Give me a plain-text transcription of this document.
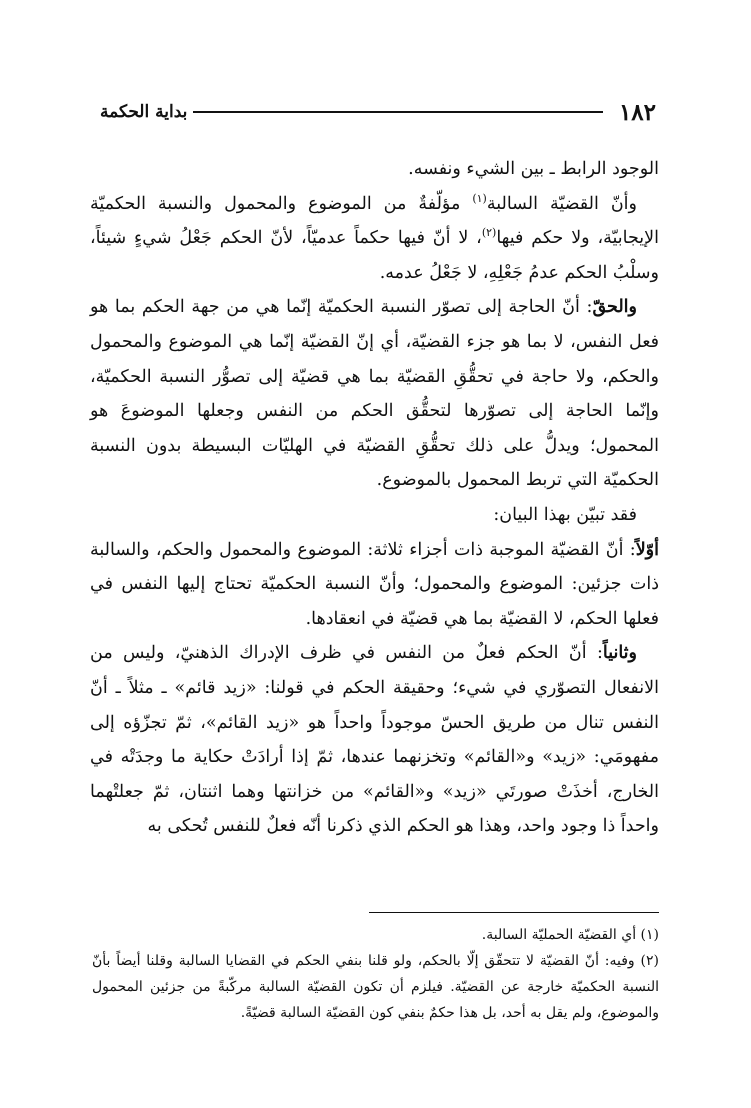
١٨٢
بداية الحكمة

الوجود الرابط ـ بين الشيء ونفسه.

وأنّ القضيّة السالبة$^{(١)}$ مؤلّفةٌ من الموضوع والمحمول والنسبة الحكميّة الإيجابيّة، ولا حكم فيها$^{(٢)}$، لا أنّ فيها حكماً عدميّاً، لأنّ الحكم جَعْلُ شيءٍ شيئاً، وسلْبُ الحكم عدمُ جَعْلِهِ، لا جَعْلُ عدمه.

والحقّ: أنّ الحاجة إلى تصوّر النسبة الحكميّة إنّما هي من جهة الحكم بما هو فعل النفس، لا بما هو جزء القضيّة، أي إنّ القضيّة إنّما هي الموضوع والمحمول والحكم، ولا حاجة في تحقُّقِ القضيّة بما هي قضيّة إلى تصوُّر النسبة الحكميّة، وإنّما الحاجة إلى تصوّرها لتحقُّق الحكم من النفس وجعلها الموضوعَ هو المحمول؛ ويدلُّ على ذلك تحقُّقِ القضيّة في الهليّات البسيطة بدون النسبة الحكميّة التي تربط المحمول بالموضوع.

فقد تبيّن بهذا البيان:

أوّلاً: أنّ القضيّة الموجبة ذات أجزاء ثلاثة: الموضوع والمحمول والحكم، والسالبة ذات جزئين: الموضوع والمحمول؛ وأنّ النسبة الحكميّة تحتاج إليها النفس في فعلها الحكم، لا القضيّة بما هي قضيّة في انعقادها.

وثانياً: أنّ الحكم فعلٌ من النفس في ظرف الإدراك الذهنيّ، وليس من الانفعال التصوّري في شيء؛ وحقيقة الحكم في قولنا: «زيد قائم» ـ مثلاً ـ أنّ النفس تنال من طريق الحسّ موجوداً واحداً هو «زيد القائم»، ثمّ تجزّؤه إلى مفهومَي: «زيد» و«القائم» وتخزنهما عندها، ثمّ إذا أرادَتْ حكاية ما وجدَتْه في الخارج، أخذَتْ صورتَي «زيد» و«القائم» من خزانتها وهما اثنتان، ثمّ جعلتْهما واحداً ذا وجود واحد، وهذا هو الحكم الذي ذكرنا أنّه فعلٌ للنفس تُحكى به

(١) أي القضيّة الحمليّة السالبة.

(٢) وفيه: أنّ القضيّة لا تتحقّق إلّا بالحكم، ولو قلنا بنفي الحكم في القضايا السالبة وقلنا أيضاً بأنّ النسبة الحكميّة خارجة عن القضيّة. فيلزم أن تكون القضيّة السالبة مركّبةً من جزئين المحمول والموضوع، ولم يقل به أحد، بل هذا حكمٌ بنفي كون القضيّة السالبة قضيّةً.
